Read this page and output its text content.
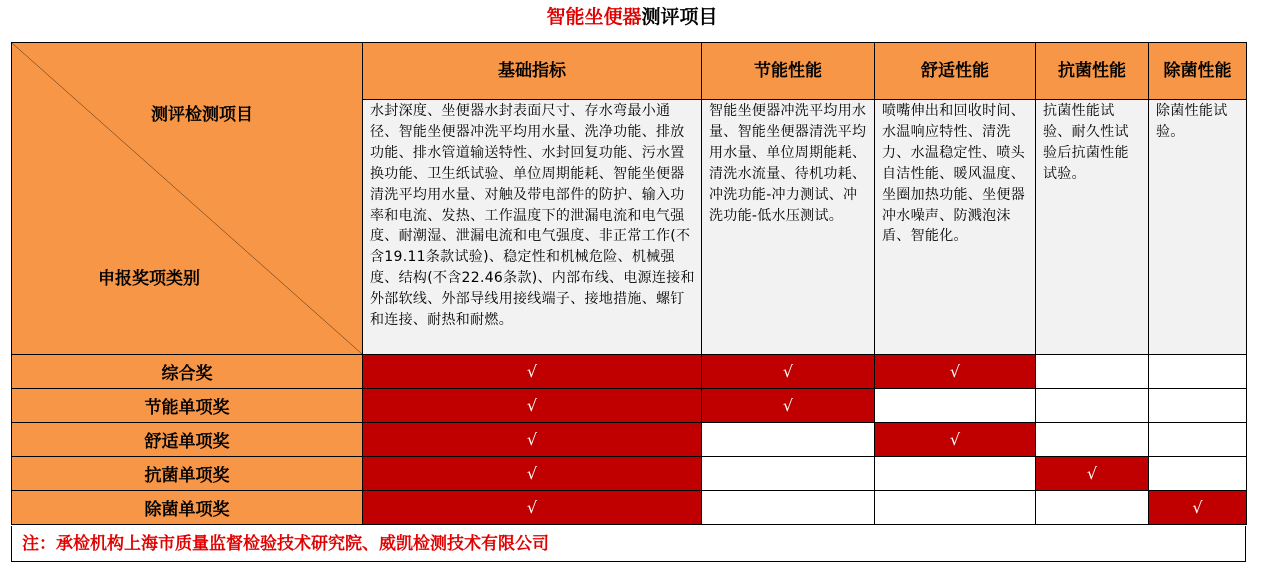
智能坐便器测评项目
测评检测项目
申报奖项类别	基础指标	节能性能	舒适性能	抗菌性能	除菌性能
	水封深度、坐便器水封表面尺寸、存水弯最小通径、智能坐便器冲洗平均用水量、洗净功能、排放功能、排水管道输送特性、水封回复功能、污水置换功能、卫生纸试验、单位周期能耗、智能坐便器清洗平均用水量、对触及带电部件的防护、输入功率和电流、发热、工作温度下的泄漏电流和电气强度、耐潮湿、泄漏电流和电气强度、非正常工作(不含19.11条款试验)、稳定性和机械危险、机械强度、结构(不含22.46条款)、内部布线、电源连接和外部软线、外部导线用接线端子、接地措施、螺钉和连接、耐热和耐燃。	智能坐便器冲洗平均用水量、智能坐便器清洗平均用水量、单位周期能耗、清洗水流量、待机功耗、冲洗功能-冲力测试、冲洗功能-低水压测试。	喷嘴伸出和回收时间、水温响应特性、清洗力、水温稳定性、喷头自洁性能、暖风温度、坐圈加热功能、坐便器冲水噪声、防溅泡沫盾、智能化。	抗菌性能试验、耐久性试验后抗菌性能试验。	除菌性能试验。
综合奖	√	√	√		
节能单项奖	√	√			
舒适单项奖	√		√		
抗菌单项奖	√			√	
除菌单项奖	√				√
注：承检机构上海市质量监督检验技术研究院、威凯检测技术有限公司
